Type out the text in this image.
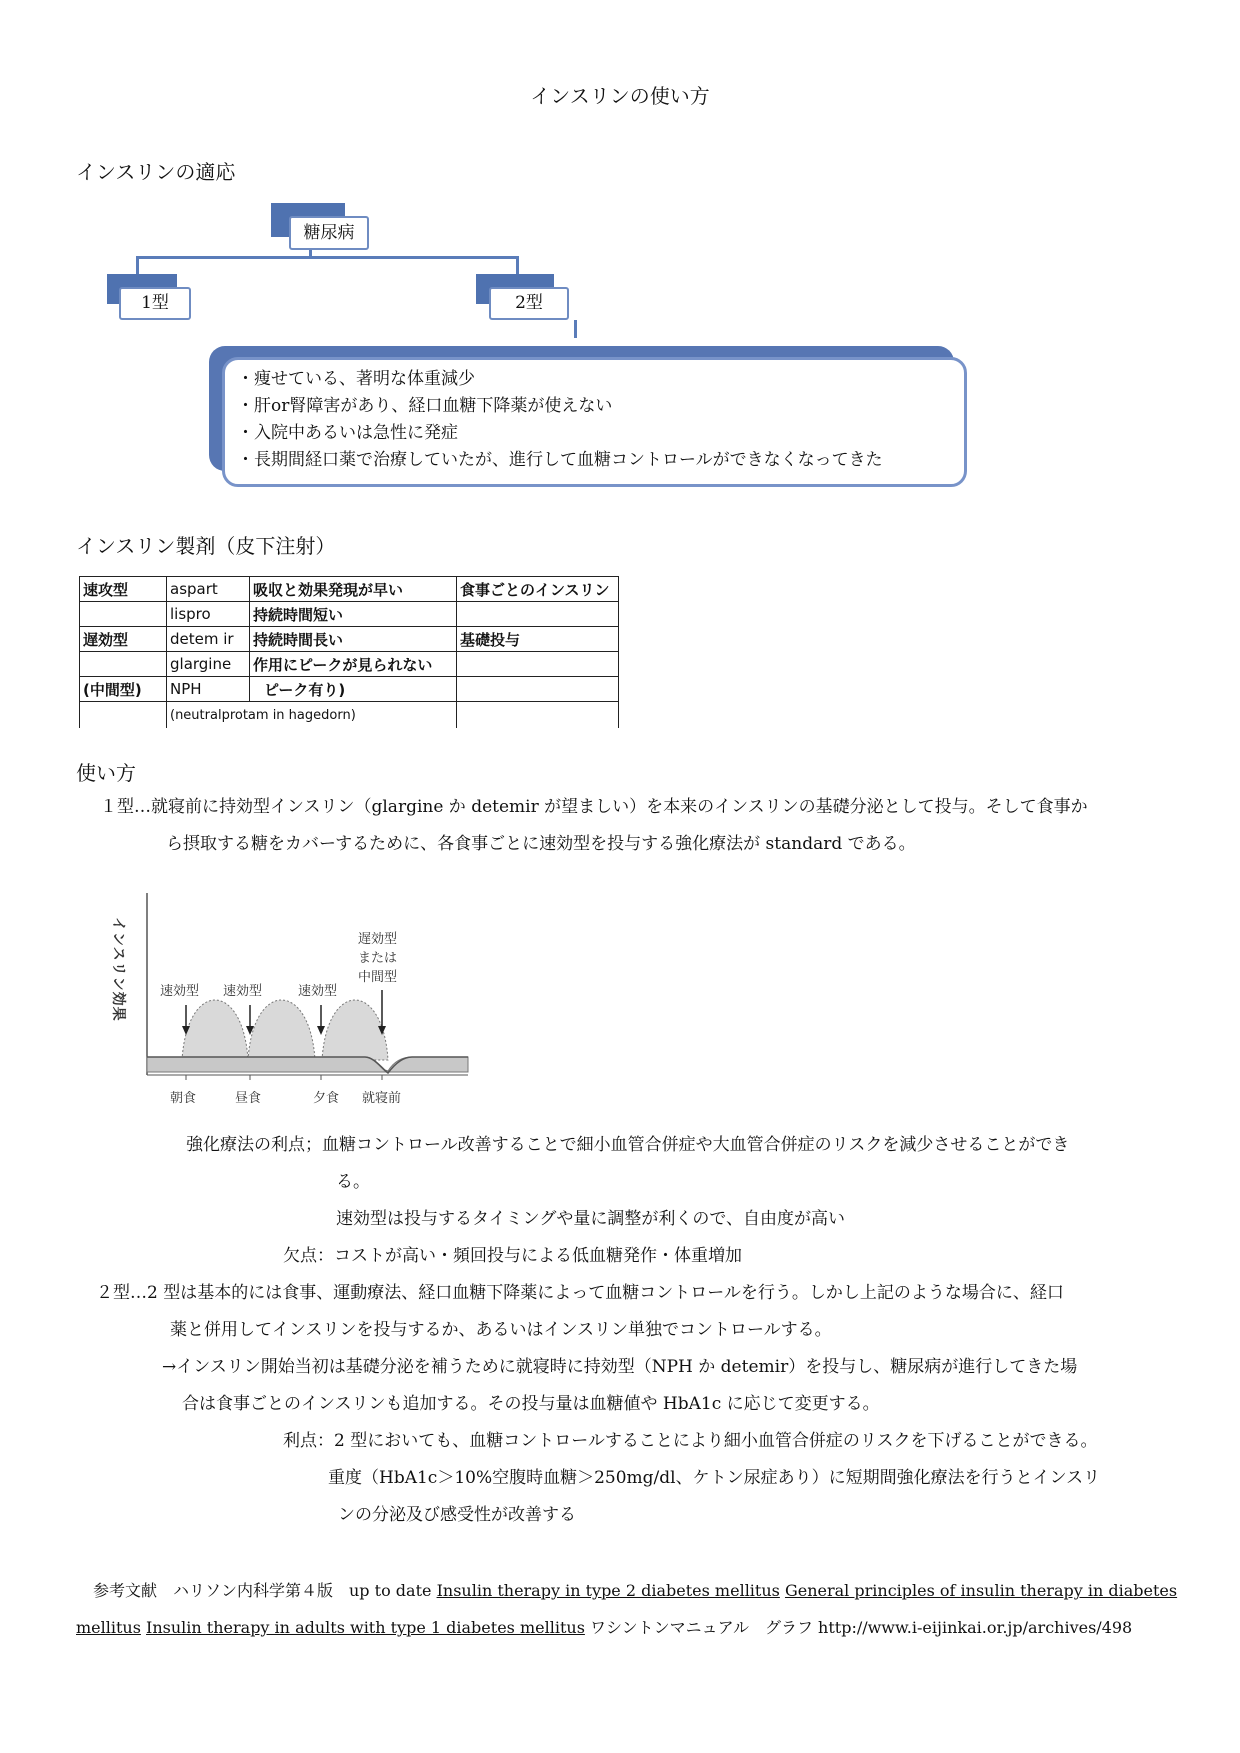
インスリンの使い方
インスリンの適応
糖尿病
1型	2型
・痩せている、著明な体重減少
・肝or腎障害があり、経口血糖下降薬が使えない
・入院中あるいは急性に発症
・長期間経口薬で治療していたが、進行して血糖コントロールができなくなってきた
インスリン製剤（皮下注射）
速攻型	aspart	吸収と効果発現が早い	食事ごとのインスリン
	lispro	持続時間短い	
遅効型	detem ir	持続時間長い	基礎投与
	glargine	作用にピークが見られない	
(中間型)	NPH	ピーク有り)	
	(neutralprotam in hagedorn)		
使い方
１型…就寝前に持効型インスリン（glargine か detemir が望ましい）を本来のインスリンの基礎分泌として投与。そして食事か
ら摂取する糖をカバーするために、各食事ごとに速効型を投与する強化療法が standard である。
インスリン効果	速効型 速効型	速効型
遅効型
または
中間型
朝食	昼食	夕食 就寝前
強化療法の利点；血糖コントロール改善することで細小血管合併症や大血管合併症のリスクを減少させることができ
る。
速効型は投与するタイミングや量に調整が利くので、自由度が高い
欠点：コストが高い・頻回投与による低血糖発作・体重増加
２型…2 型は基本的には食事、運動療法、経口血糖下降薬によって血糖コントロールを行う。しかし上記のような場合に、経口
薬と併用してインスリンを投与するか、あるいはインスリン単独でコントロールする。
→インスリン開始当初は基礎分泌を補うために就寝時に持効型（NPH か detemir）を投与し、糖尿病が進行してきた場
合は食事ごとのインスリンも追加する。その投与量は血糖値や HbA1c に応じて変更する。
利点：2 型においても、血糖コントロールすることにより細小血管合併症のリスクを下げることができる。
重度（HbA1c＞10%空腹時血糖＞250mg/dl、ケトン尿症あり）に短期間強化療法を行うとインスリ
ンの分泌及び感受性が改善する
参考文献　ハリソン内科学第４版　up to date Insulin therapy in type 2 diabetes mellitus General principles of insulin therapy in diabetes
mellitus Insulin therapy in adults with type 1 diabetes mellitus ワシントンマニュアル　グラフ http://www.i-eijinkai.or.jp/archives/498
